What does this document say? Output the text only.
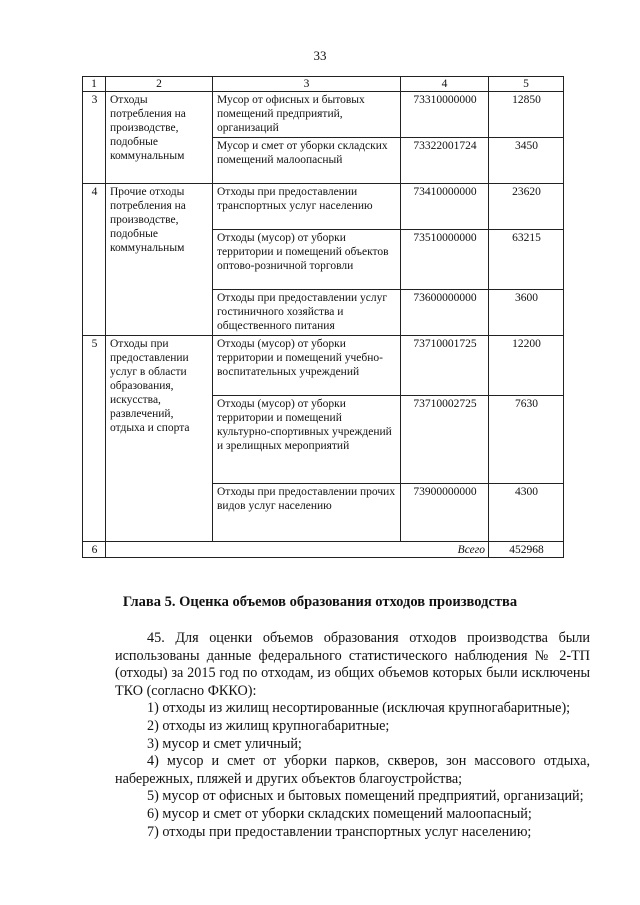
33
1	2	3	4	5
3	Отходы потребления на производстве, подобные коммунальным	Мусор от офисных и бытовых помещений предприятий, организаций	73310000000	12850
		Мусор и смет от уборки складских помещений малоопасный	73322001724	3450
4	Прочие отходы потребления на производстве, подобные коммунальным	Отходы при предоставлении транспортных услуг населению	73410000000	23620
		Отходы (мусор) от уборки территории и помещений объектов оптово-розничной торговли	73510000000	63215
		Отходы при предоставлении услуг гостиничного хозяйства и общественного питания	73600000000	3600
5	Отходы при предоставлении услуг в области образования, искусства, развлечений, отдыха и спорта	Отходы (мусор) от уборки территории и помещений учебно-воспитательных учреждений	73710001725	12200
		Отходы (мусор) от уборки территории и помещений культурно-спортивных учреждений и зрелищных мероприятий	73710002725	7630
		Отходы при предоставлении прочих видов услуг населению	73900000000	4300
6	Всего			452968
Глава 5. Оценка объемов образования отходов производства

45. Для оценки объемов образования отходов производства были использованы данные федерального статистического наблюдения № 2-ТП (отходы) за 2015 год по отходам, из общих объемов которых были исключены ТКО (согласно ФККО):

1) отходы из жилищ несортированные (исключая крупногабаритные);

2) отходы из жилищ крупногабаритные;

3) мусор и смет уличный;

4) мусор и смет от уборки парков, скверов, зон массового отдыха, набережных, пляжей и других объектов благоустройства;

5) мусор от офисных и бытовых помещений предприятий, организаций;

6) мусор и смет от уборки складских помещений малоопасный;

7) отходы при предоставлении транспортных услуг населению;
